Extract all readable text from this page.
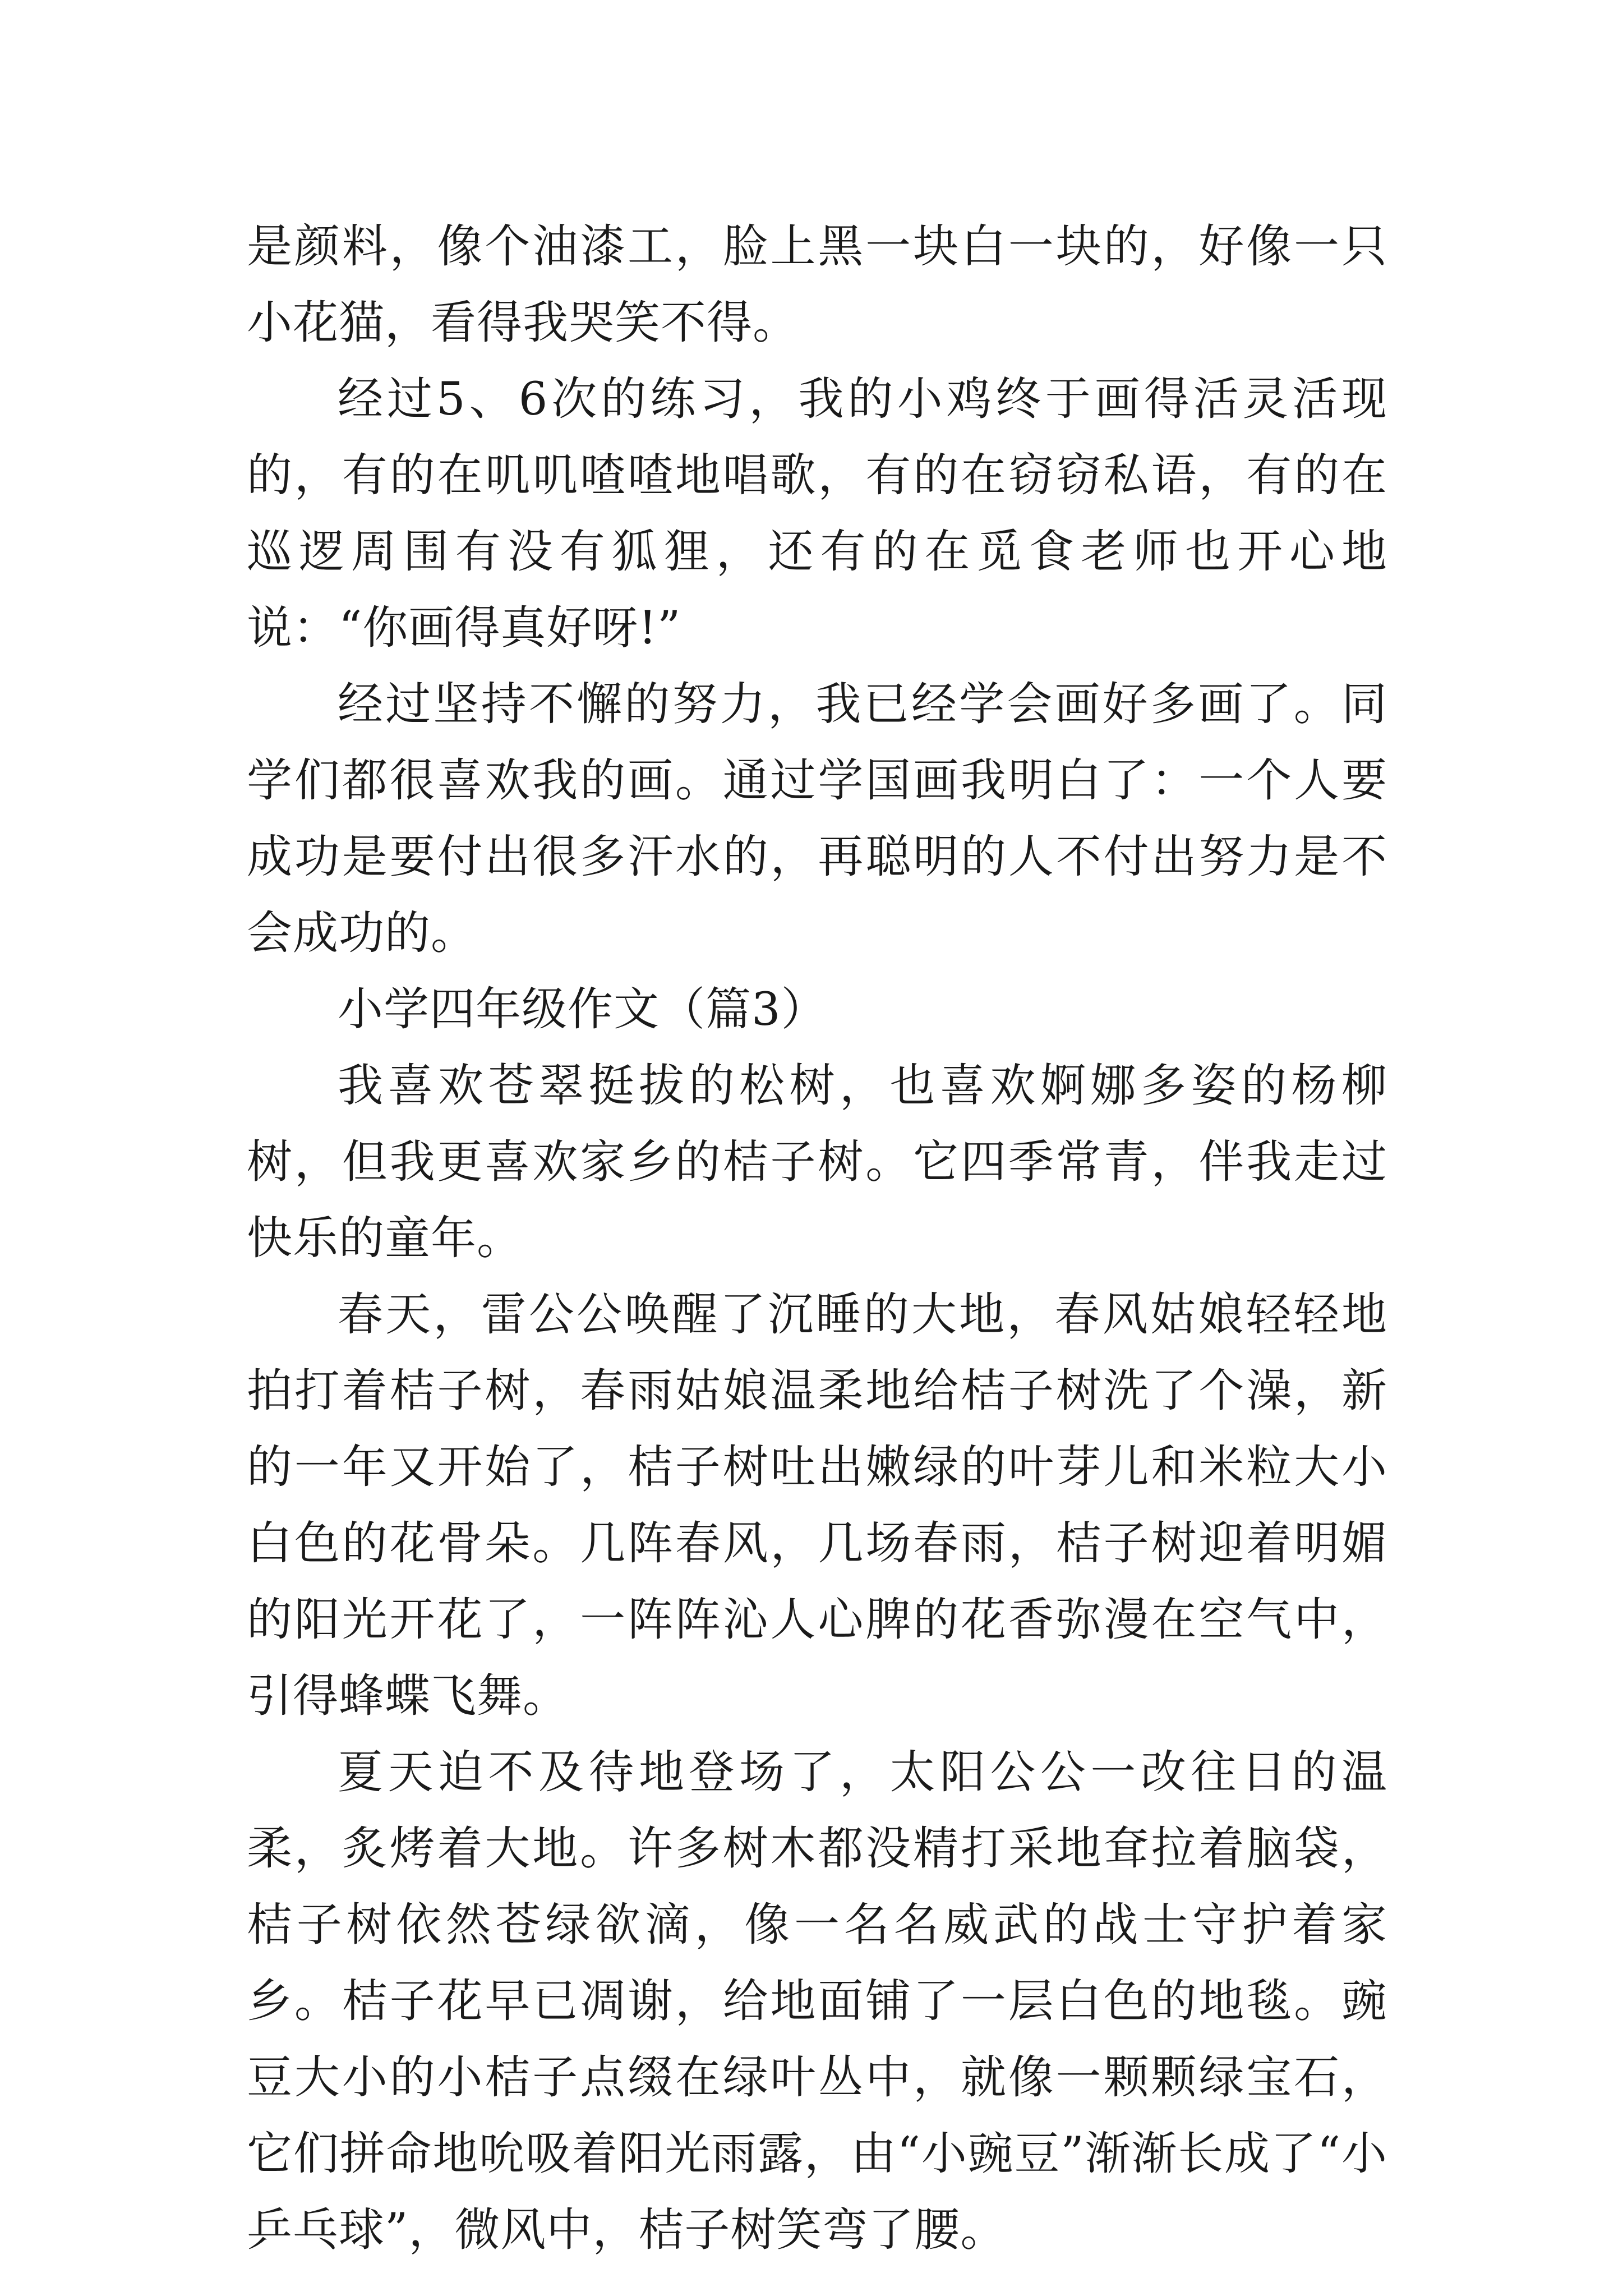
是颜料，像个油漆工，脸上黑一块白一块的，好像一只小花猫，看得我哭笑不得。

经过5、6次的练习，我的小鸡终于画得活灵活现的，有的在叽叽喳喳地唱歌，有的在窃窃私语，有的在巡逻周围有没有狐狸，还有的在觅食老师也开心地说：“你画得真好呀!”

经过坚持不懈的努力，我已经学会画好多画了。同学们都很喜欢我的画。通过学国画我明白了：一个人要成功是要付出很多汗水的，再聪明的人不付出努力是不会成功的。

小学四年级作文（篇3）

我喜欢苍翠挺拔的松树，也喜欢婀娜多姿的杨柳树，但我更喜欢家乡的桔子树。它四季常青，伴我走过快乐的童年。

春天，雷公公唤醒了沉睡的大地，春风姑娘轻轻地拍打着桔子树，春雨姑娘温柔地给桔子树洗了个澡，新的一年又开始了，桔子树吐出嫩绿的叶芽儿和米粒大小白色的花骨朵。几阵春风，几场春雨，桔子树迎着明媚的阳光开花了，一阵阵沁人心脾的花香弥漫在空气中，引得蜂蝶飞舞。

夏天迫不及待地登场了，太阳公公一改往日的温柔，炙烤着大地。许多树木都没精打采地耷拉着脑袋，桔子树依然苍绿欲滴，像一名名威武的战士守护着家乡。桔子花早已凋谢，给地面铺了一层白色的地毯。豌豆大小的小桔子点缀在绿叶丛中，就像一颗颗绿宝石，它们拼命地吮吸着阳光雨露，由“小豌豆”渐渐长成了“小乒乓球”，微风中，桔子树笑弯了腰。
